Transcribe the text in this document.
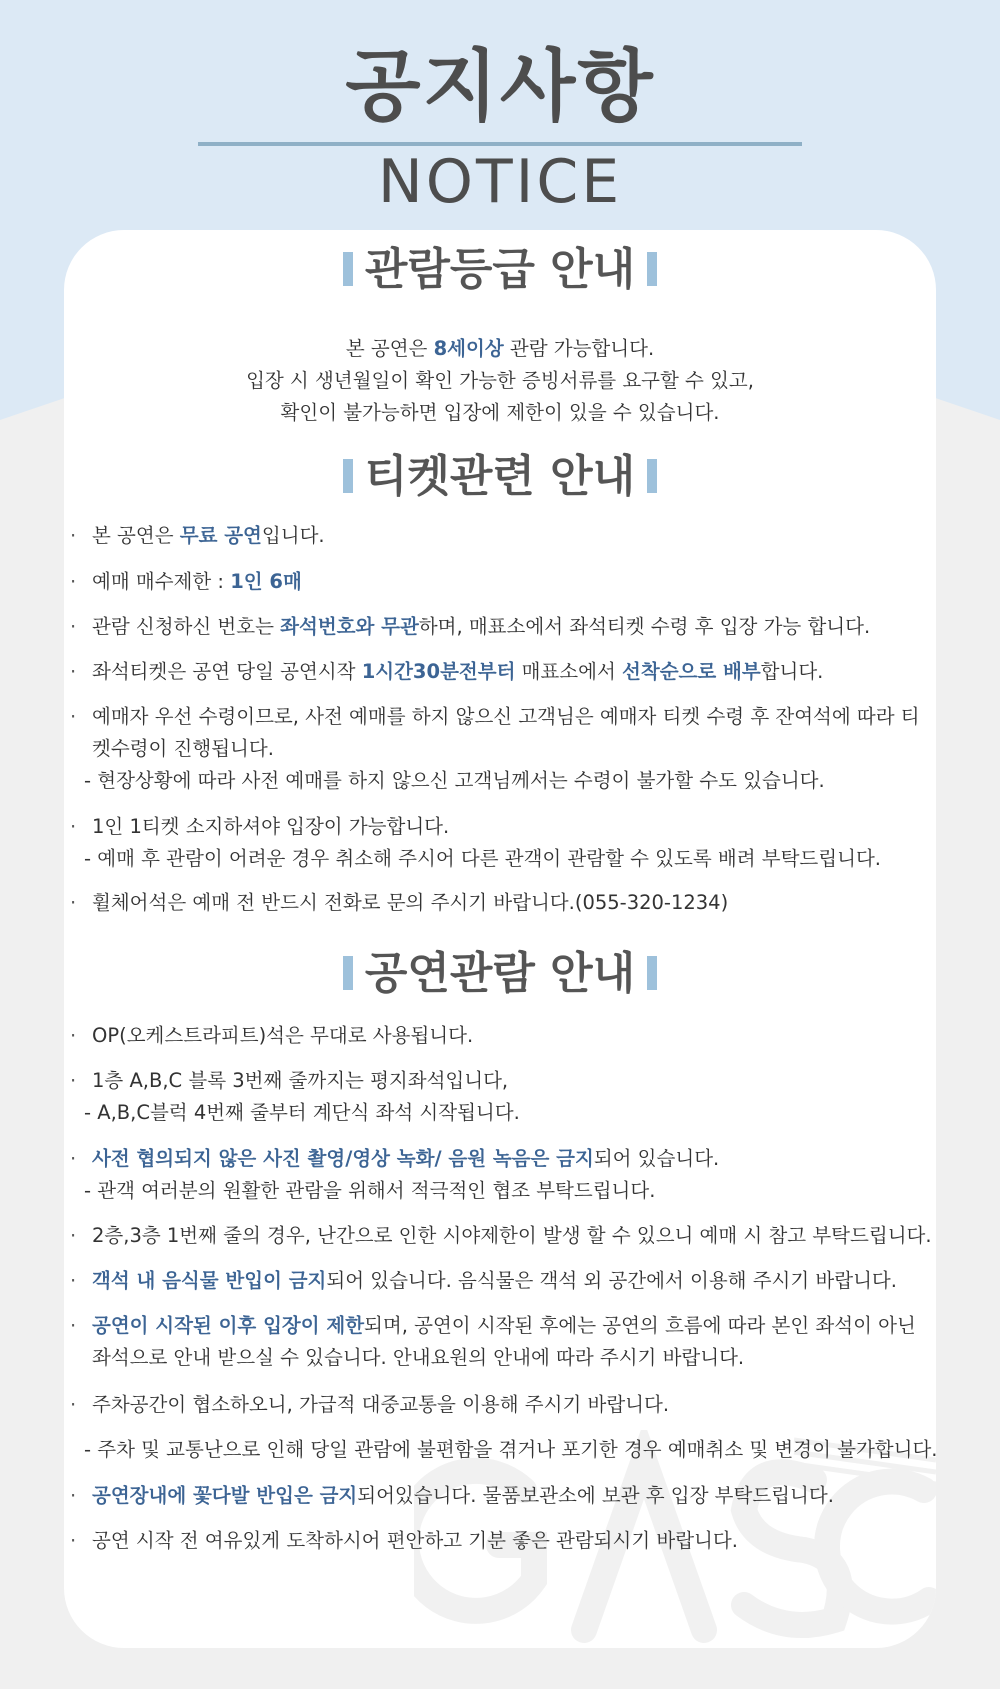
공지사항
NOTICE
관람등급 안내
본 공연은 8세이상 관람 가능합니다.
입장 시 생년월일이 확인 가능한 증빙서류를 요구할 수 있고,
확인이 불가능하면 입장에 제한이 있을 수 있습니다.
티켓관련 안내
· 본 공연은 무료 공연입니다.
· 예매 매수제한 : 1인 6매
· 관람 신청하신 번호는 좌석번호와 무관하며, 매표소에서 좌석티켓 수령 후 입장 가능 합니다.
· 좌석티켓은 공연 당일 공연시작 1시간30분전부터 매표소에서 선착순으로 배부합니다.
· 예매자 우선 수령이므로, 사전 예매를 하지 않으신 고객님은 예매자 티켓 수령 후 잔여석에 따라 티켓수령이 진행됩니다.
- 현장상황에 따라 사전 예매를 하지 않으신 고객님께서는 수령이 불가할 수도 있습니다.
· 1인 1티켓 소지하셔야 입장이 가능합니다.
- 예매 후 관람이 어려운 경우 취소해 주시어 다른 관객이 관람할 수 있도록 배려 부탁드립니다.
· 휠체어석은 예매 전 반드시 전화로 문의 주시기 바랍니다.(055-320-1234)
공연관람 안내
· OP(오케스트라피트)석은 무대로 사용됩니다.
· 1층 A,B,C 블록 3번째 줄까지는 평지좌석입니다,
- A,B,C블럭 4번째 줄부터 계단식 좌석 시작됩니다.
· 사전 협의되지 않은 사진 촬영/영상 녹화/ 음원 녹음은 금지되어 있습니다.
- 관객 여러분의 원활한 관람을 위해서 적극적인 협조 부탁드립니다.
· 2층,3층 1번째 줄의 경우, 난간으로 인한 시야제한이 발생 할 수 있으니 예매 시 참고 부탁드립니다.
· 객석 내 음식물 반입이 금지되어 있습니다. 음식물은 객석 외 공간에서 이용해 주시기 바랍니다.
· 공연이 시작된 이후 입장이 제한되며, 공연이 시작된 후에는 공연의 흐름에 따라 본인 좌석이 아닌 좌석으로 안내 받으실 수 있습니다. 안내요원의 안내에 따라 주시기 바랍니다.
· 주차공간이 협소하오니, 가급적 대중교통을 이용해 주시기 바랍니다.
- 주차 및 교통난으로 인해 당일 관람에 불편함을 겪거나 포기한 경우 예매취소 및 변경이 불가합니다.
· 공연장내에 꽃다발 반입은 금지되어있습니다. 물품보관소에 보관 후 입장 부탁드립니다.
· 공연 시작 전 여유있게 도착하시어 편안하고 기분 좋은 관람되시기 바랍니다.
